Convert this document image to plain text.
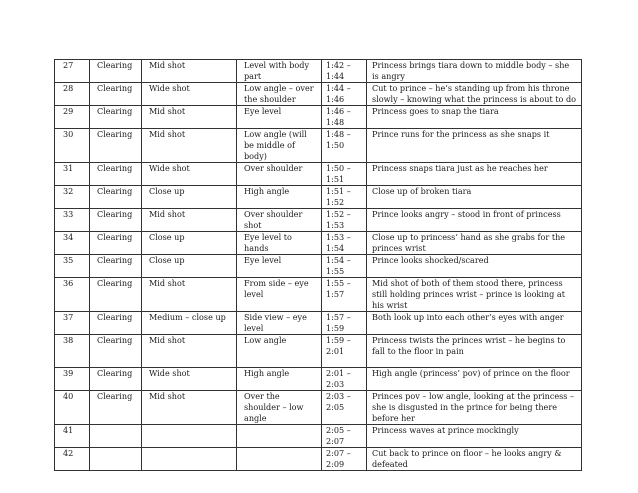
27	Clearing	Mid shot	Level with body part	1:42 – 1:44	Princess brings tiara down to middle body – she is angry
28	Clearing	Wide shot	Low angle – over the shoulder	1:44 – 1:46	Cut to prince – he’s standing up from his throne slowly – knowing what the princess is about to do
29	Clearing	Mid shot	Eye level	1:46 – 1:48	Princess goes to snap the tiara
30	Clearing	Mid shot	Low angle (will be middle of body)	1:48 – 1:50	Prince runs for the princess as she snaps it
31	Clearing	Wide shot	Over shoulder	1:50 – 1:51	Princess snaps tiara just as he reaches her
32	Clearing	Close up	High angle	1:51 – 1:52	Close up of broken tiara
33	Clearing	Mid shot	Over shoulder shot	1:52 – 1:53	Prince looks angry – stood in front of princess
34	Clearing	Close up	Eye level to hands	1:53 – 1:54	Close up to princess’ hand as she grabs for the princes wrist
35	Clearing	Close up	Eye level	1:54 – 1:55	Prince looks shocked/scared
36	Clearing	Mid shot	From side – eye level	1:55 – 1:57	Mid shot of both of them stood there, princess still holding princes wrist – prince is looking at his wrist
37	Clearing	Medium – close up	Side view – eye level	1:57 – 1:59	Both look up into each other’s eyes with anger
38	Clearing	Mid shot	Low angle	1:59 – 2:01	Princess twists the princes wrist – he begins to fall to the floor in pain
39	Clearing	Wide shot	High angle	2:01 – 2:03	High angle (princess’ pov) of prince on the floor
40	Clearing	Mid shot	Over the shoulder – low angle	2:03 – 2:05	Princes pov – low angle, looking at the princess – she is disgusted in the prince for being there before her
41				2:05 – 2:07	Princess waves at prince mockingly
42				2:07 – 2:09	Cut back to prince on floor – he looks angry & defeated
